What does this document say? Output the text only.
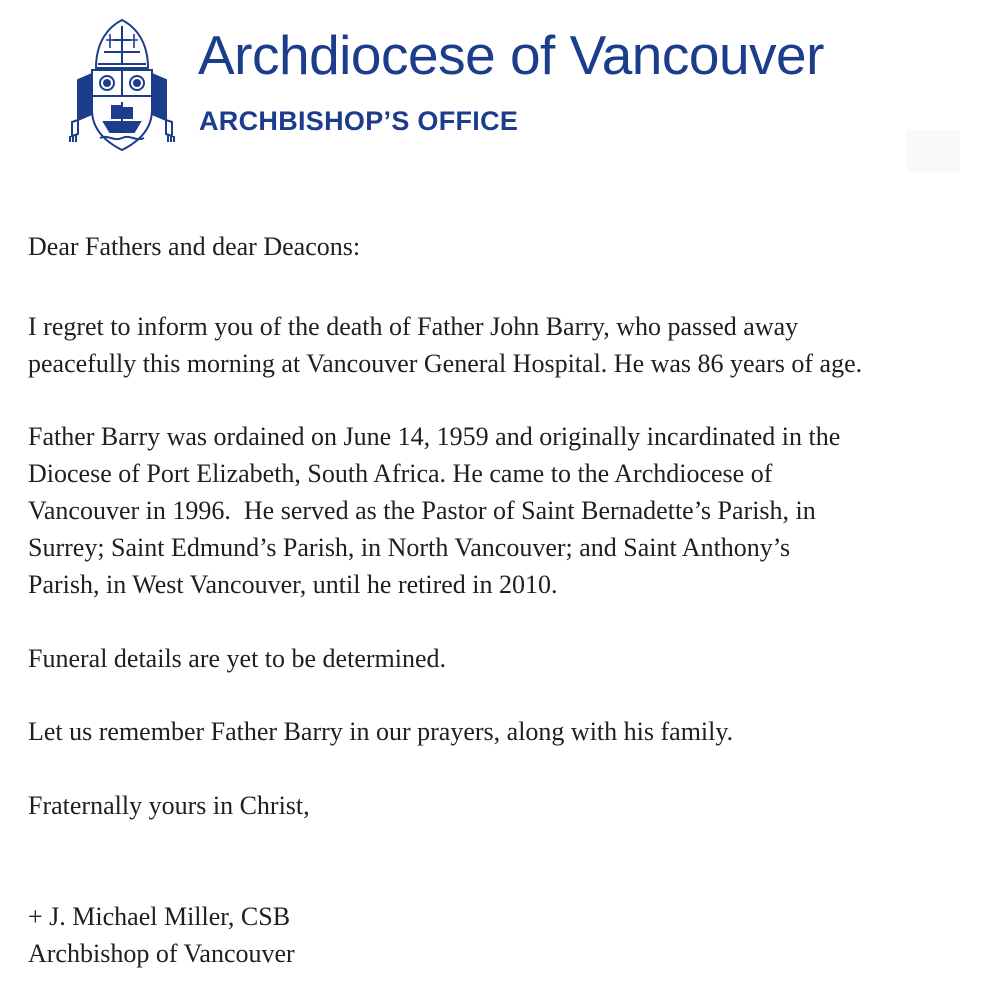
Archdiocese of Vancouver
ARCHBISHOP’S OFFICE

Dear Fathers and dear Deacons:

I regret to inform you of the death of Father John Barry, who passed away
peacefully this morning at Vancouver General Hospital. He was 86 years of age.

Father Barry was ordained on June 14, 1959 and originally incardinated in the
Diocese of Port Elizabeth, South Africa. He came to the Archdiocese of
Vancouver in 1996.  He served as the Pastor of Saint Bernadette’s Parish, in
Surrey; Saint Edmund’s Parish, in North Vancouver; and Saint Anthony’s
Parish, in West Vancouver, until he retired in 2010.

Funeral details are yet to be determined.

Let us remember Father Barry in our prayers, along with his family.

Fraternally yours in Christ,

+ J. Michael Miller, CSB
Archbishop of Vancouver
